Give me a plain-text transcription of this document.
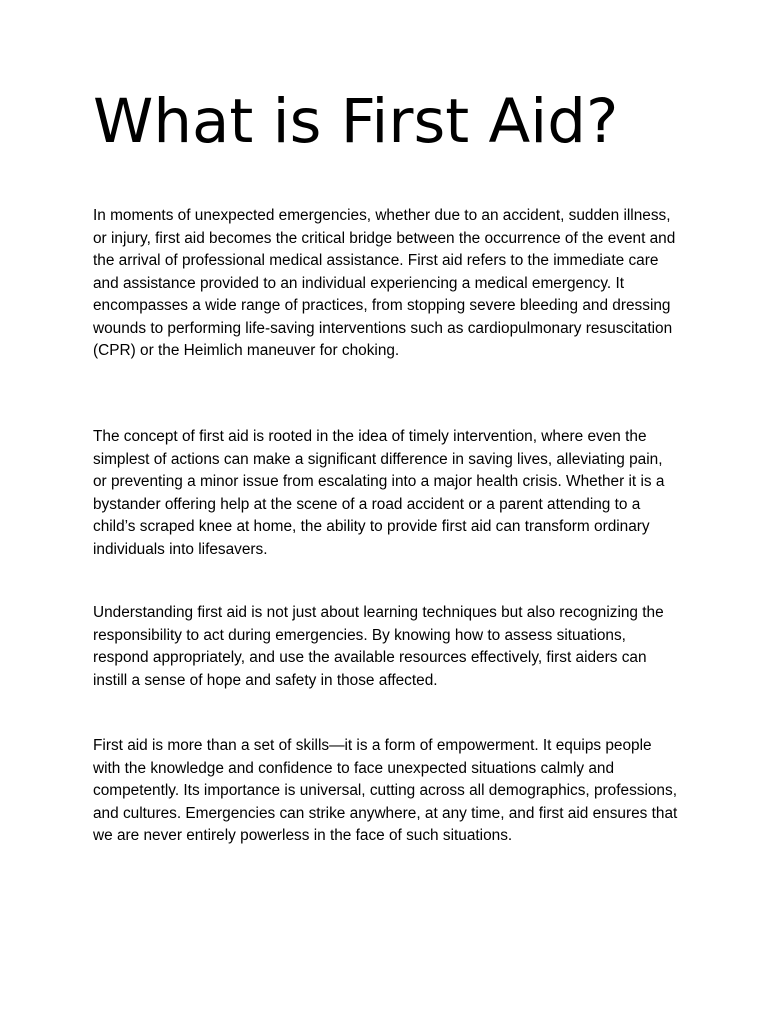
What is First Aid?

In moments of unexpected emergencies, whether due to an accident, sudden illness, or injury, first aid becomes the critical bridge between the occurrence of the event and the arrival of professional medical assistance. First aid refers to the immediate care and assistance provided to an individual experiencing a medical emergency. It encompasses a wide range of practices, from stopping severe bleeding and dressing wounds to performing life-saving interventions such as cardiopulmonary resuscitation (CPR) or the Heimlich maneuver for choking.

The concept of first aid is rooted in the idea of timely intervention, where even the simplest of actions can make a significant difference in saving lives, alleviating pain, or preventing a minor issue from escalating into a major health crisis. Whether it is a bystander offering help at the scene of a road accident or a parent attending to a child’s scraped knee at home, the ability to provide first aid can transform ordinary individuals into lifesavers.

Understanding first aid is not just about learning techniques but also recognizing the responsibility to act during emergencies. By knowing how to assess situations, respond appropriately, and use the available resources effectively, first aiders can instill a sense of hope and safety in those affected.

First aid is more than a set of skills—it is a form of empowerment. It equips people with the knowledge and confidence to face unexpected situations calmly and competently. Its importance is universal, cutting across all demographics, professions, and cultures. Emergencies can strike anywhere, at any time, and first aid ensures that we are never entirely powerless in the face of such situations.
